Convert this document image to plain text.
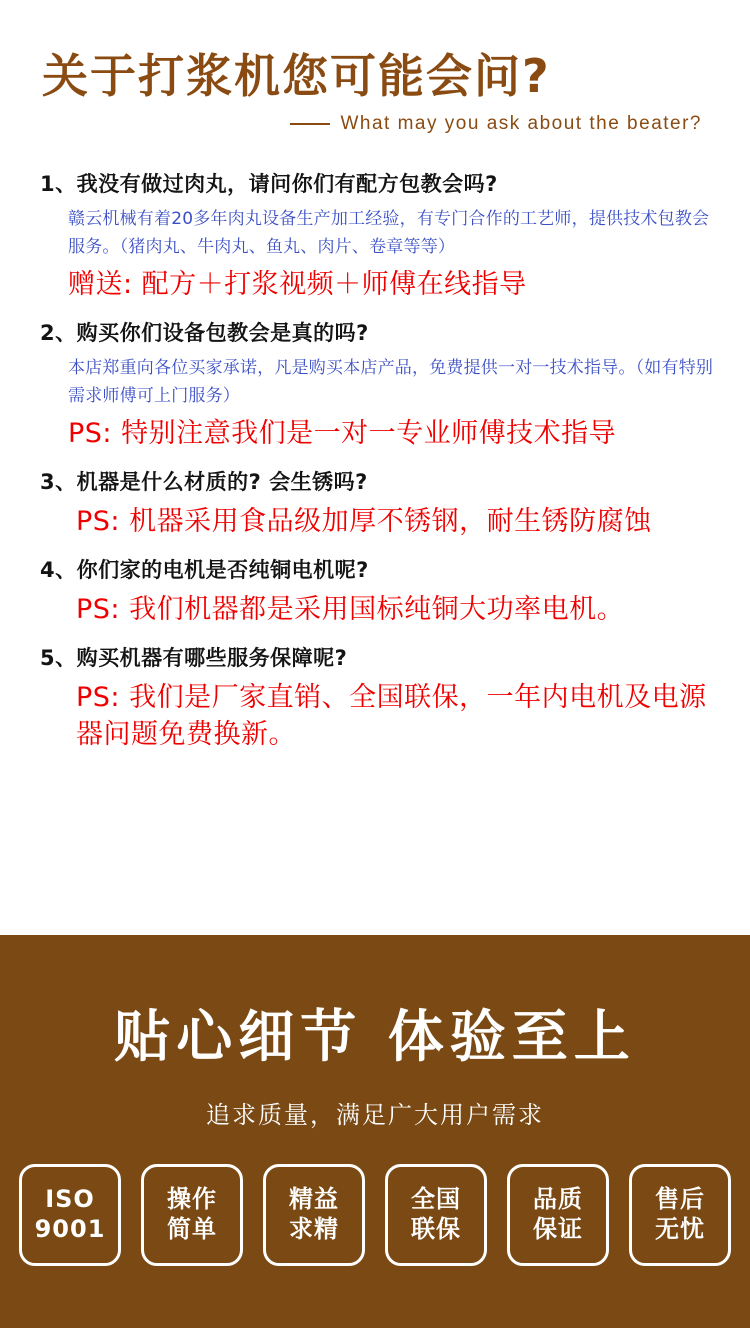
关于打浆机您可能会问?
What may you ask about the beater?
1、我没有做过肉丸，请问你们有配方包教会吗?
赣云机械有着20多年肉丸设备生产加工经验，有专门合作的工艺师，提供技术包教会服务。（猪肉丸、牛肉丸、鱼丸、肉片、卷章等等）
赠送: 配方＋打浆视频＋师傅在线指导
2、购买你们设备包教会是真的吗?
本店郑重向各位买家承诺，凡是购买本店产品，免费提供一对一技术指导。（如有特别需求师傅可上门服务）
PS: 特别注意我们是一对一专业师傅技术指导
3、机器是什么材质的? 会生锈吗?
PS: 机器采用食品级加厚不锈钢，耐生锈防腐蚀
4、你们家的电机是否纯铜电机呢?
PS: 我们机器都是采用国标纯铜大功率电机。
5、购买机器有哪些服务保障呢?
PS: 我们是厂家直销、全国联保，一年内电机及电源器问题免费换新。
贴心细节 体验至上
追求质量，满足广大用户需求
ISO
9001
操作
简单
精益
求精
全国
联保
品质
保证
售后
无忧
